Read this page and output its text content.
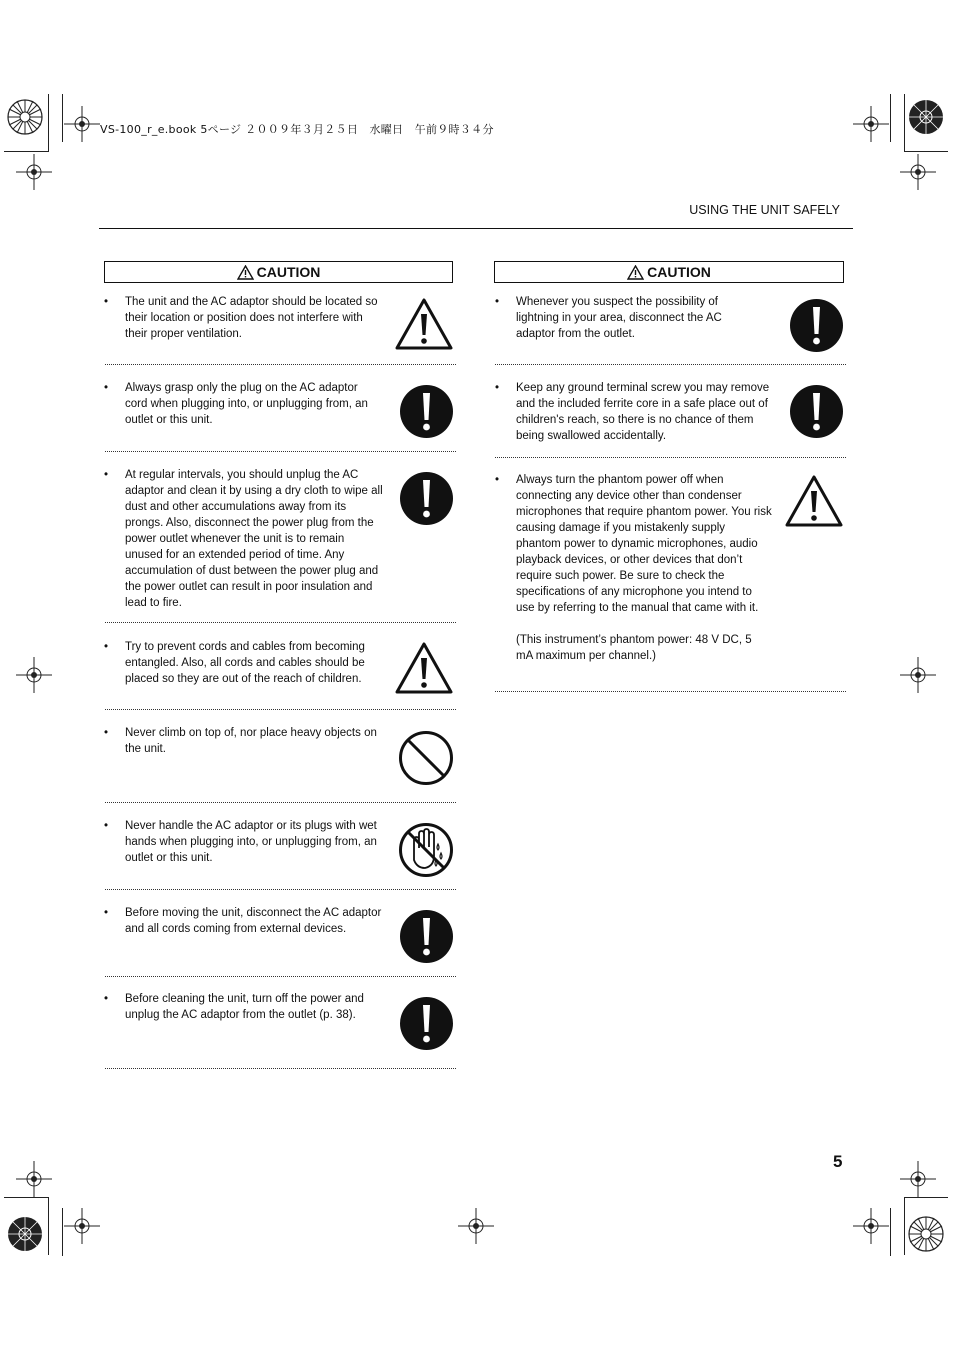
VS-100_r_e.book 5ページ ２００９年３月２５日　水曜日　午前９時３４分
USING THE UNIT SAFELY
CAUTION
• The unit and the AC adaptor should be located so their location or position does not interfere with their proper ventilation.

• Always grasp only the plug on the AC adaptor cord when plugging into, or unplugging from, an outlet or this unit.

• At regular intervals, you should unplug the AC adaptor and clean it by using a dry cloth to wipe all dust and other accumulations away from its prongs. Also, disconnect the power plug from the power outlet whenever the unit is to remain unused for an extended period of time. Any accumulation of dust between the power plug and the power outlet can result in poor insulation and lead to fire.

• Try to prevent cords and cables from becoming entangled. Also, all cords and cables should be placed so they are out of the reach of children.

• Never climb on top of, nor place heavy objects on the unit.

• Never handle the AC adaptor or its plugs with wet hands when plugging into, or unplugging from, an outlet or this unit.

• Before moving the unit, disconnect the AC adaptor and all cords coming from external devices.

• Before cleaning the unit, turn off the power and unplug the AC adaptor from the outlet (p. 38).

CAUTION
• Whenever you suspect the possibility of lightning in your area, disconnect the AC adaptor from the outlet.

• Keep any ground terminal screw you may remove and the included ferrite core in a safe place out of children's reach, so there is no chance of them being swallowed accidentally.

• Always turn the phantom power off when connecting any device other than condenser microphones that require phantom power. You risk causing damage if you mistakenly supply phantom power to dynamic microphones, audio playback devices, or other devices that don’t require such power. Be sure to check the specifications of any microphone you intend to use by referring to the manual that came with it.

(This instrument’s phantom power: 48 V DC, 5 mA maximum per channel.)

5
